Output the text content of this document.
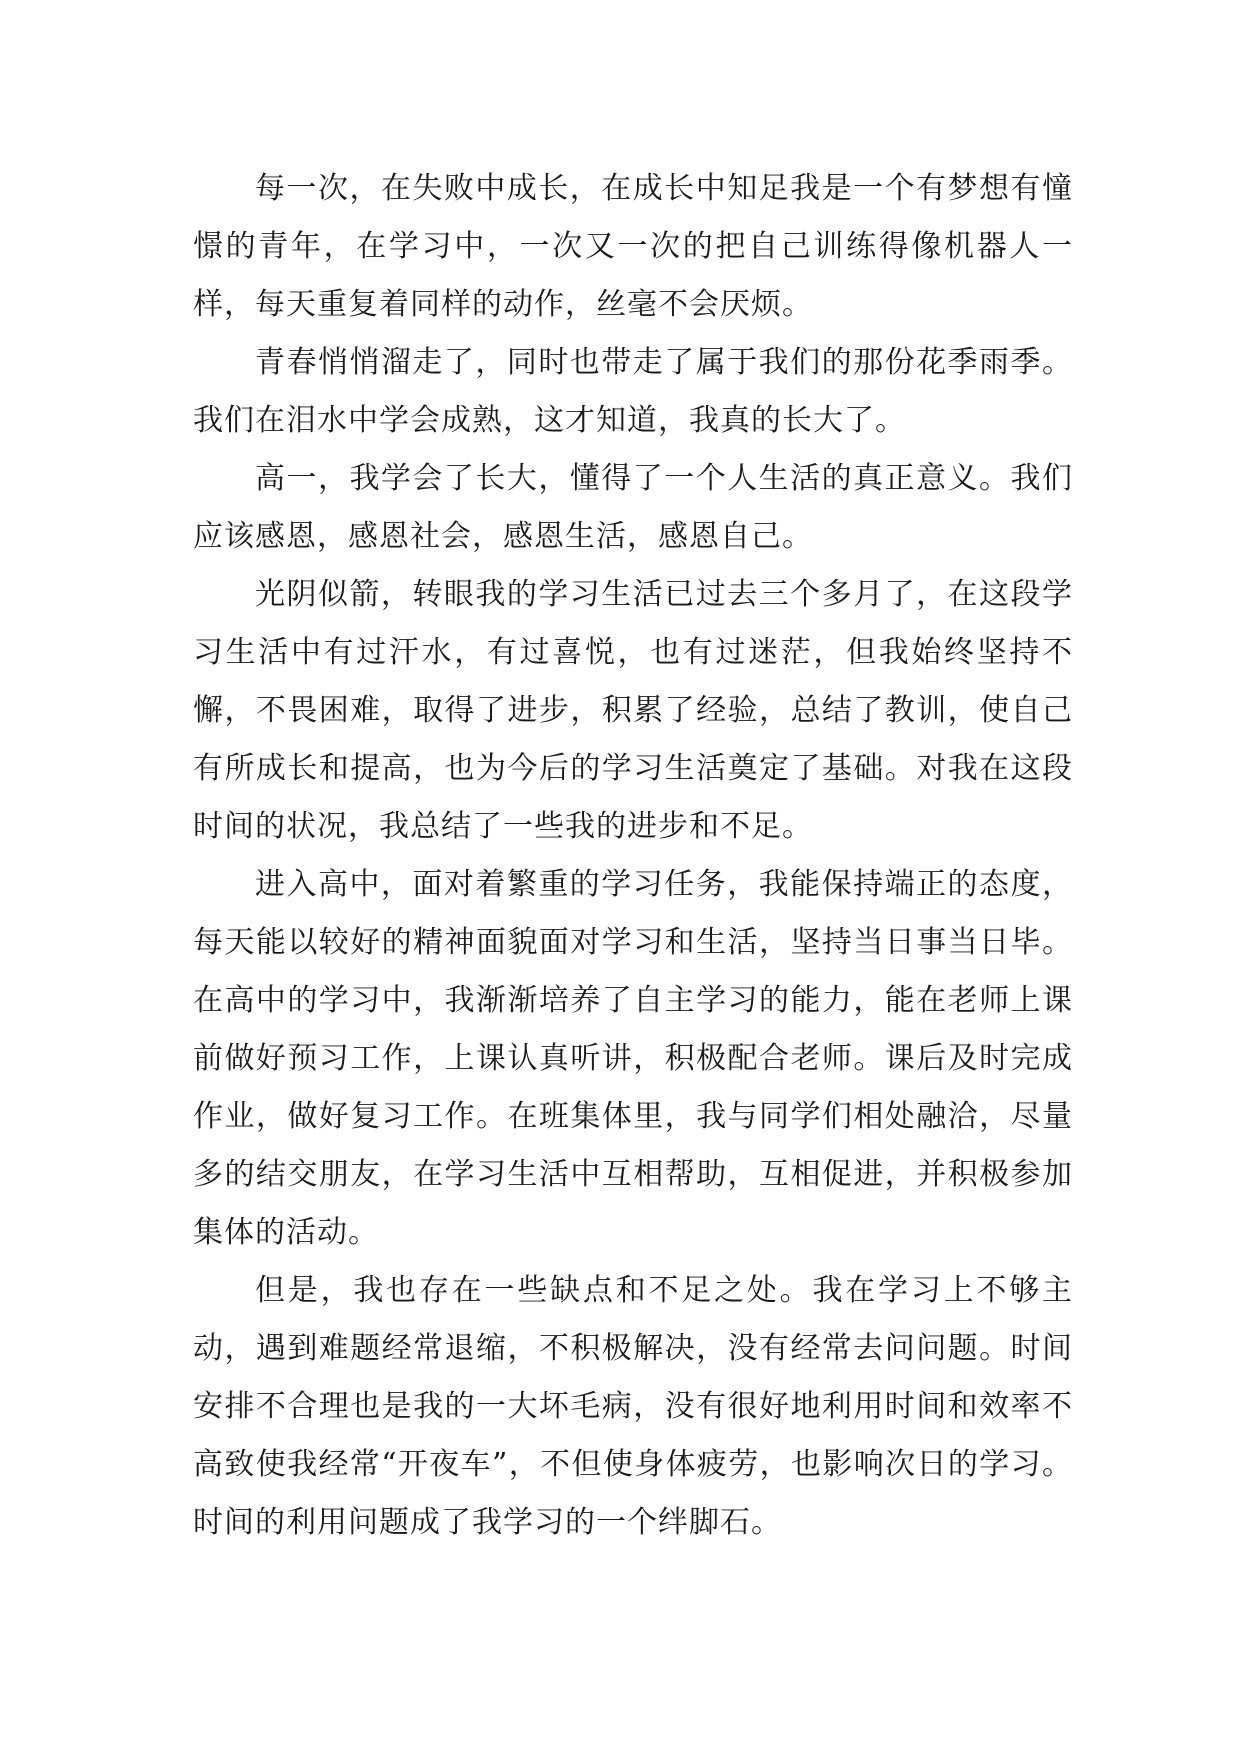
每一次，在失败中成长，在成长中知足我是一个有梦想有憧憬的青年，在学习中，一次又一次的把自己训练得像机器人一样，每天重复着同样的动作，丝毫不会厌烦。

青春悄悄溜走了，同时也带走了属于我们的那份花季雨季。我们在泪水中学会成熟，这才知道，我真的长大了。

高一，我学会了长大，懂得了一个人生活的真正意义。我们应该感恩，感恩社会，感恩生活，感恩自己。

光阴似箭，转眼我的学习生活已过去三个多月了，在这段学习生活中有过汗水，有过喜悦，也有过迷茫，但我始终坚持不懈，不畏困难，取得了进步，积累了经验，总结了教训，使自己有所成长和提高，也为今后的学习生活奠定了基础。对我在这段时间的状况，我总结了一些我的进步和不足。

进入高中，面对着繁重的学习任务，我能保持端正的态度，每天能以较好的精神面貌面对学习和生活，坚持当日事当日毕。在高中的学习中，我渐渐培养了自主学习的能力，能在老师上课前做好预习工作，上课认真听讲，积极配合老师。课后及时完成作业，做好复习工作。在班集体里，我与同学们相处融洽，尽量多的结交朋友，在学习生活中互相帮助，互相促进，并积极参加集体的活动。

但是，我也存在一些缺点和不足之处。我在学习上不够主动，遇到难题经常退缩，不积极解决，没有经常去问问题。时间安排不合理也是我的一大坏毛病，没有很好地利用时间和效率不高致使我经常“开夜车”，不但使身体疲劳，也影响次日的学习。时间的利用问题成了我学习的一个绊脚石。
